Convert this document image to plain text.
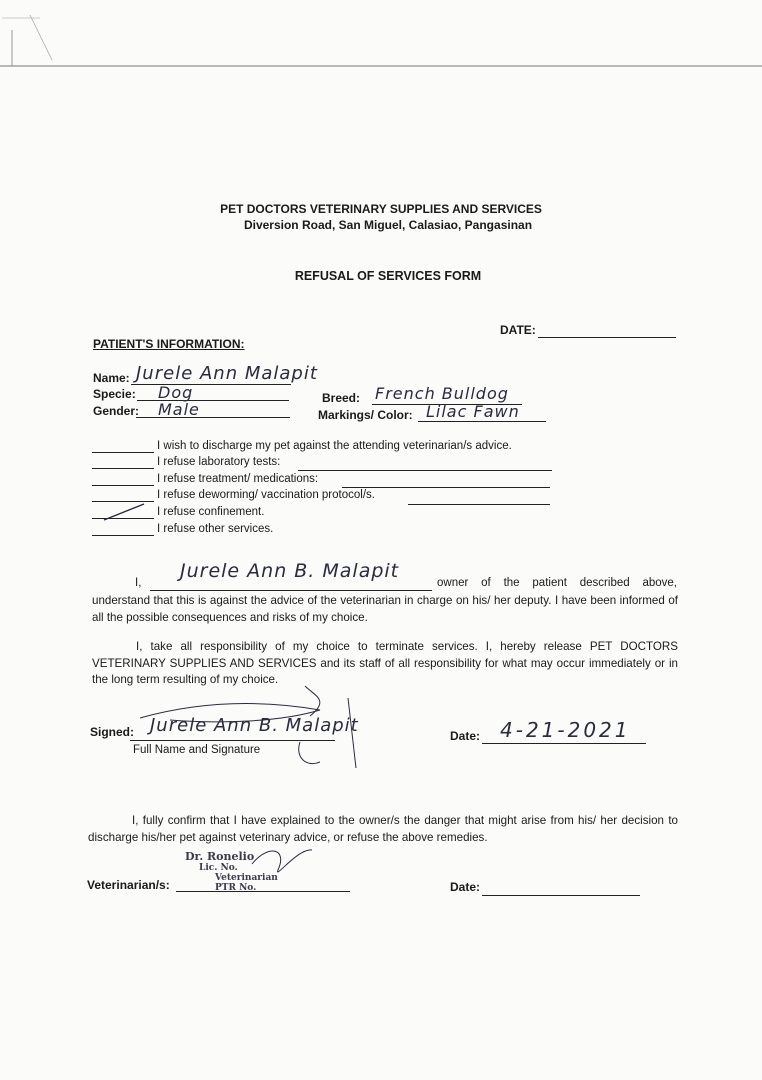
PET DOCTORS VETERINARY SUPPLIES AND SERVICES
Diversion Road, San Miguel, Calasiao, Pangasinan
REFUSAL OF SERVICES FORM
PATIENT'S INFORMATION:
DATE:
Name: Jurele Ann Malapit
Specie: Dog	Breed: French Bulldog
Gender: Male	Markings/ Color: Lilac Fawn
I wish to discharge my pet against the attending veterinarian/s advice.
I refuse laboratory tests:
I refuse treatment/ medications:
I refuse deworming/ vaccination protocol/s.
I refuse confinement.
I refuse other services.
I,
Jurele Ann B. Malapit
owner of the patient described above,
understand that this is against the advice of the veterinarian in charge on his/ her deputy. I have been informed of all the possible consequences and risks of my choice.
I, take all responsibility of my choice to terminate services. I, hereby release PET DOCTORS VETERINARY SUPPLIES AND SERVICES and its staff of all responsibility for what may occur immediately or in the long term resulting of my choice.
Signed: Jurele Ann B. Malapit
Full Name and Signature
Date: 4-21-2021
I, fully confirm that I have explained to the owner/s the danger that might arise from his/ her decision to discharge his/her pet against veterinary advice, or refuse the above remedies.
Dr. Ronelio
Lic. No.
Veterinarian
PTR No.
Veterinarian/s:	Date:
